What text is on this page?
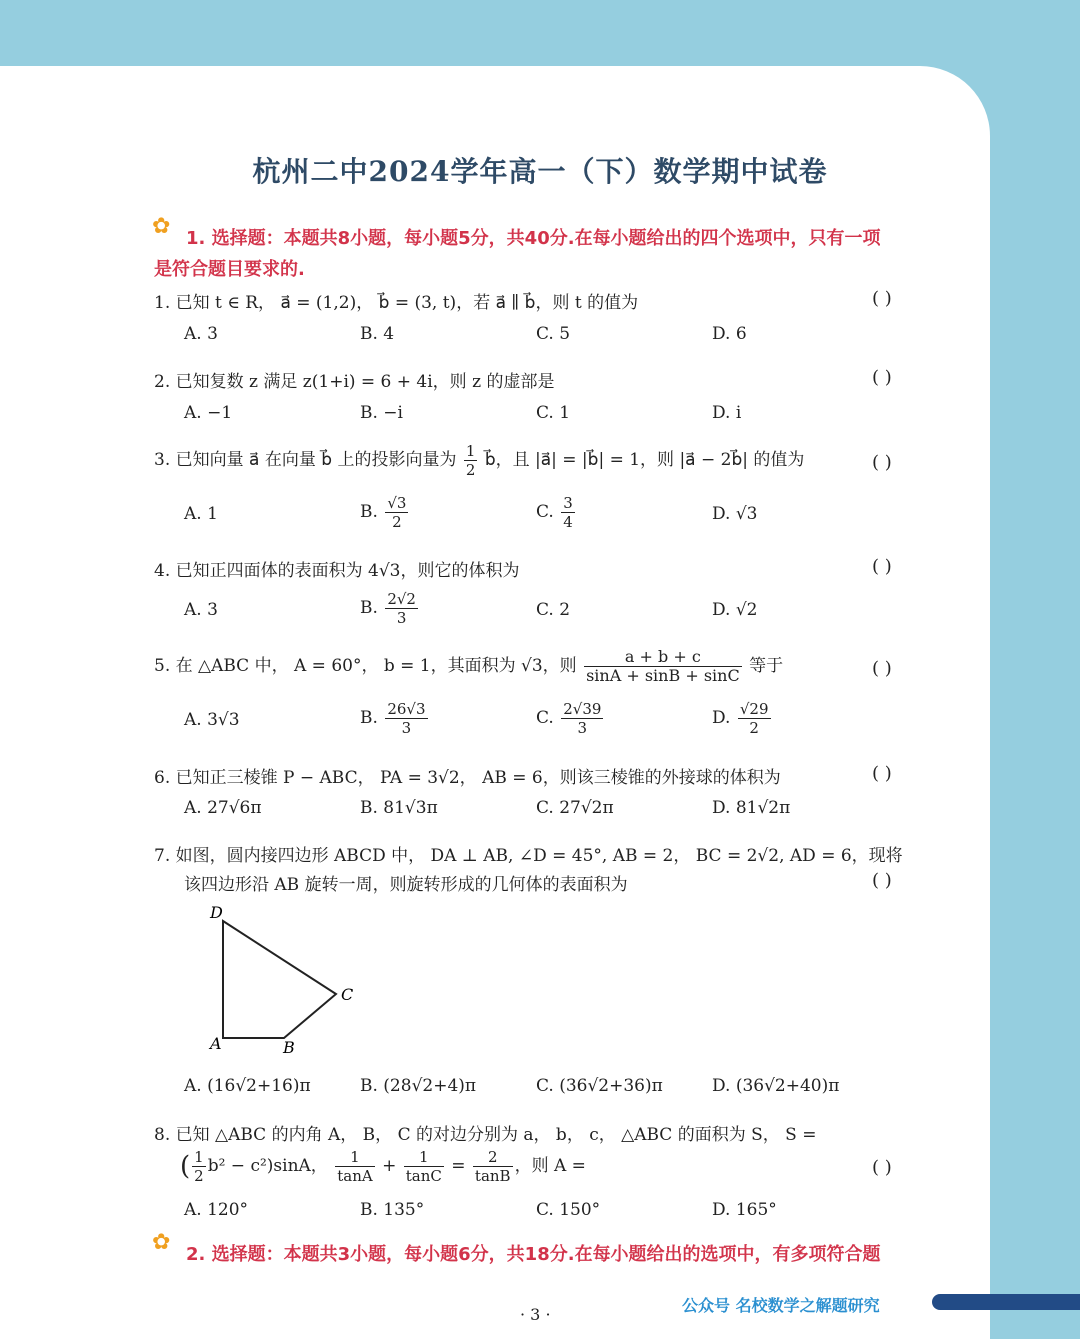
杭州二中2024学年高一（下）数学期中试卷
✿ 1. 选择题：本题共8小题，每小题5分，共40分.在每小题给出的四个选项中，只有一项
是符合题目要求的.
1. 已知 t ∈ R， a⃗ = (1,2)， b⃗ = (3, t)，若 a⃗ ∥ b⃗，则 t 的值为	( )
A. 3	B. 4	C. 5	D. 6
2. 已知复数 z 满足 z(1+i) = 6 + 4i，则 z 的虚部是	( )
A. −1	B. −i	C. 1	D. i
3. 已知向量 a⃗ 在向量 b⃗ 上的投影向量为 $\frac{1}{2}$ b⃗，且 |a⃗| = |b⃗| = 1，则 |a⃗ − 2b⃗| 的值为	( )
A. 1	B. $\frac{√3}{2}$	C. $\frac{3}{4}$	D. √3
4. 已知正四面体的表面积为 4√3，则它的体积为	( )
A. 3	B. $\frac{2√2}{3}$	C. 2	D. √2
5. 在 △ABC 中， A = 60°， b = 1，其面积为 √3，则 $\frac{a + b + c}{\sin A + \sin B + \sin C}$ 等于	( )
A. 3√3	B. $\frac{26√3}{3}$	C. $\frac{2√39}{3}$	D. $\frac{√29}{2}$
6. 已知正三棱锥 P − ABC， PA = 3√2， AB = 6，则该三棱锥的外接球的体积为	( )
A. 27√6π	B. 81√3π	C. 27√2π	D. 81√2π
7. 如图，圆内接四边形 ABCD 中， DA ⊥ AB, ∠D = 45°, AB = 2， BC = 2√2, AD = 6，现将
该四边形沿 AB 旋转一周，则旋转形成的几何体的表面积为	( )
D
C
A	B
A. (16√2+16)π	B. (28√2+4)π	C. (36√2+36)π	D. (36√2+40)π
8. 已知 △ABC 的内角 A， B， C 的对边分别为 a， b， c， △ABC 的面积为 S， S =
( $\frac{1}{2} b^2 - c^2)\sin A$， $\frac{1}{\tan A} + \frac{1}{\tan C} = \frac{2}{\tan B}$ ，则 A =	( )
A. 120°	B. 135°	C. 150°	D. 165°
✿ 2. 选择题：本题共3小题，每小题6分，共18分.在每小题给出的选项中，有多项符合题
· 3 ·	公众号 名校数学之解题研究
